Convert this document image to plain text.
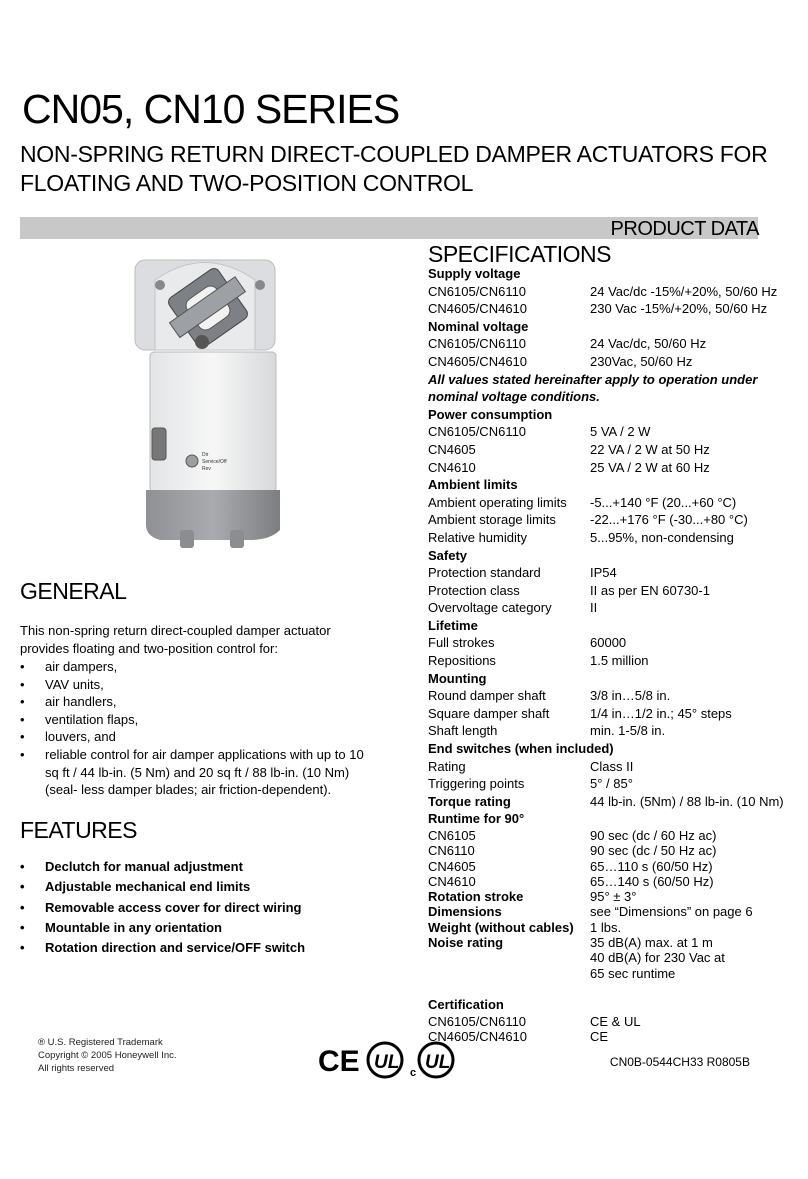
CN05, CN10 SERIES
NON-SPRING RETURN DIRECT-COUPLED DAMPER ACTUATORS FOR
FLOATING AND TWO-POSITION CONTROL
PRODUCT DATA
Dir
Service/Off
Rev
SPECIFICATIONS
Supply voltage
CN6105/CN6110	24 Vac/dc -15%/+20%, 50/60 Hz
CN4605/CN4610	230 Vac -15%/+20%, 50/60 Hz
Nominal voltage
CN6105/CN6110	24 Vac/dc, 50/60 Hz
CN4605/CN4610	230Vac, 50/60 Hz
All values stated hereinafter apply to operation under
nominal voltage conditions.
Power consumption
CN6105/CN6110	5 VA / 2 W
CN4605	22 VA / 2 W at 50 Hz
CN4610	25 VA / 2 W at 60 Hz
Ambient limits
Ambient operating limits	-5...+140 °F (20...+60 °C)
Ambient storage limits	-22...+176 °F (-30...+80 °C)
Relative humidity	5...95%, non-condensing
Safety
Protection standard	IP54
Protection class	II as per EN 60730-1
Overvoltage category	II
Lifetime
Full strokes	60000
Repositions	1.5 million
Mounting
Round damper shaft	3/8 in…5/8 in.
Square damper shaft	1/4 in…1/2 in.; 45° steps
Shaft length	min. 1-5/8 in.
End switches (when included)
Rating	Class II
Triggering points	5° / 85°
Torque rating	44 lb-in. (5Nm) / 88 lb-in. (10 Nm)
Runtime for 90°
CN6105	90 sec (dc / 60 Hz ac)
CN6110	90 sec (dc / 50 Hz ac)
CN4605	65…110 s (60/50 Hz)
CN4610	65…140 s (60/50 Hz)
Rotation stroke	95° ± 3°
Dimensions	see “Dimensions” on page 6
Weight (without cables)	1 lbs.
Noise rating	35 dB(A) max. at 1 m
40 dB(A) for 230 Vac at
65 sec runtime
Certification
CN6105/CN6110	CE & UL
CN4605/CN4610	CE
GENERAL
This non-spring return direct-coupled damper actuator
provides floating and two-position control for:
• air dampers,
• VAV units,
• air handlers,
• ventilation flaps,
• louvers, and
• reliable control for air damper applications with up to 10 sq ft / 44 lb-in. (5 Nm) and 20 sq ft / 88 lb-in. (10 Nm) (seal- less damper blades; air friction-dependent).
FEATURES
• Declutch for manual adjustment
• Adjustable mechanical end limits
• Removable access cover for direct wiring
• Mountable in any orientation
• Rotation direction and service/OFF switch
® U.S. Registered Trademark
Copyright © 2005 Honeywell Inc.
All rights reserved	CE UL c UL	CN0B-0544CH33 R0805B
